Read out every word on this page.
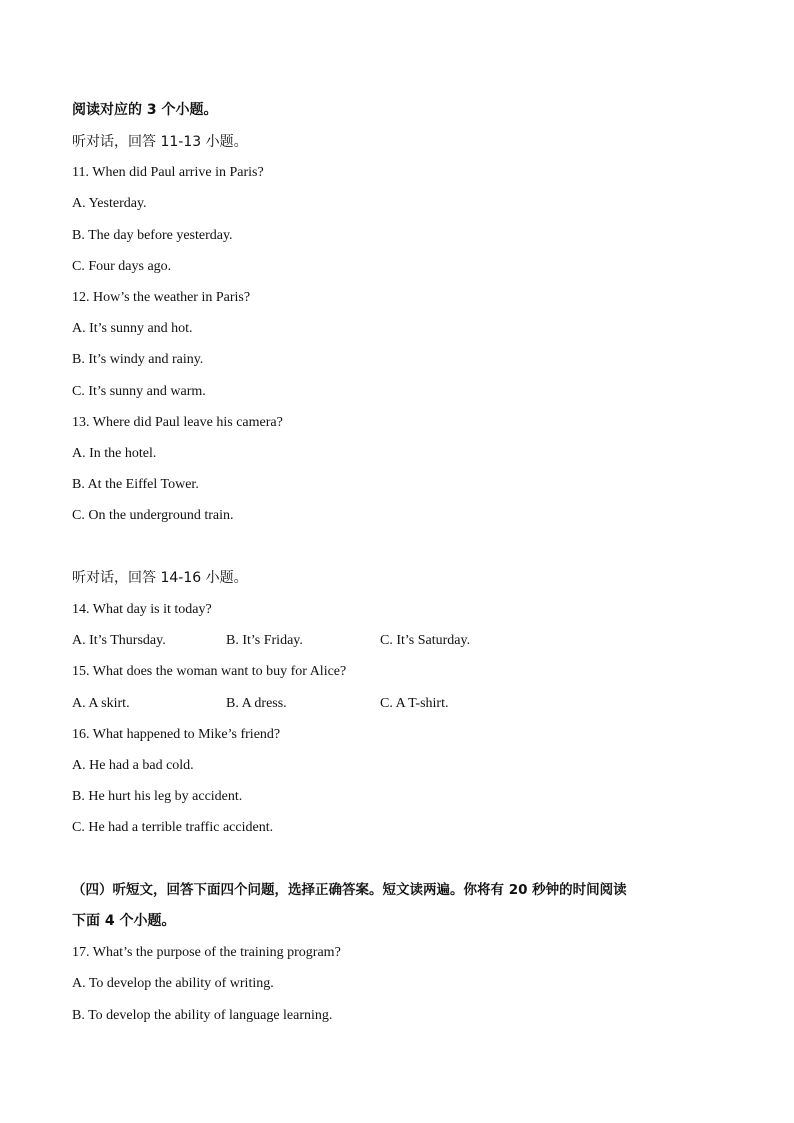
阅读对应的 3 个小题。
听对话，回答 11-13 小题。
11. When did Paul arrive in Paris?
A. Yesterday.
B. The day before yesterday.
C. Four days ago.
12. How’s the weather in Paris?
A. It’s sunny and hot.
B. It’s windy and rainy.
C. It’s sunny and warm.
13. Where did Paul leave his camera?
A. In the hotel.
B. At the Eiffel Tower.
C. On the underground train.
听对话，回答 14-16 小题。
14. What day is it today?
A. It’s Thursday.	B. It’s Friday.	C. It’s Saturday.
15. What does the woman want to buy for Alice?
A. A skirt.	B. A dress.	C. A T-shirt.
16. What happened to Mike’s friend?
A. He had a bad cold.
B. He hurt his leg by accident.
C. He had a terrible traffic accident.
（四）听短文，回答下面四个问题，选择正确答案。短文读两遍。你将有 20 秒钟的时间阅读
下面 4 个小题。
17. What’s the purpose of the training program?
A. To develop the ability of writing.
B. To develop the ability of language learning.
